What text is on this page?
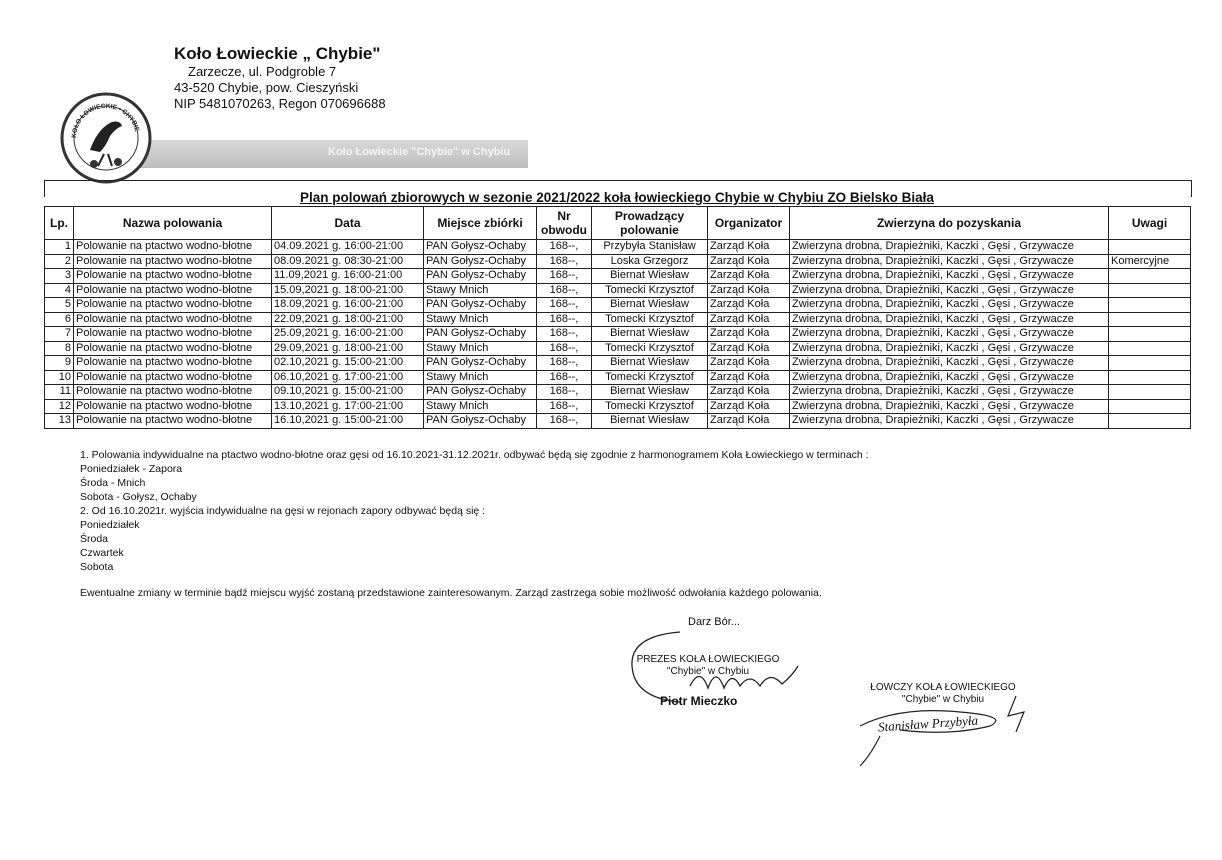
Koło Łowieckie „ Chybie"
Zarzecze, ul. Podgroble 7
43-520 Chybie, pow. Cieszyński
NIP 5481070263, Regon 070696688
Koło Łowieckie "Chybie" w Chybiu
KOŁO ŁOWIECKIE • CHYBIE
Plan polowań zbiorowych w sezonie 2021/2022 koła łowieckiego Chybie w Chybiu ZO Bielsko Biała
Lp.	Nazwa polowania	Data	Miejsce zbiórki	Nr obwodu	Prowadzący polowanie	Organizator	Zwierzyna do pozyskania	Uwagi
1	Polowanie na ptactwo wodno-błotne	04.09.2021 g. 16:00-21:00	PAN Gołysz-Ochaby	168--,	Przybyła Stanisław	Zarząd Koła	Zwierzyna drobna, Drapieżniki, Kaczki , Gęsi , Grzywacze	
2	Polowanie na ptactwo wodno-błotne	08.09.2021 g. 08:30-21:00	PAN Gołysz-Ochaby	168--,	Loska Grzegorz	Zarząd Koła	Zwierzyna drobna, Drapieżniki, Kaczki , Gęsi , Grzywacze	Komercyjne
3	Polowanie na ptactwo wodno-błotne	11.09,2021 g. 16:00-21:00	PAN Gołysz-Ochaby	168--,	Biernat Wiesław	Zarząd Koła	Zwierzyna drobna, Drapieżniki, Kaczki , Gęsi , Grzywacze	
4	Polowanie na ptactwo wodno-błotne	15.09,2021 g. 18:00-21:00	Stawy Mnich	168--,	Tomecki Krzysztof	Zarząd Koła	Zwierzyna drobna, Drapieżniki, Kaczki , Gęsi , Grzywacze	
5	Polowanie na ptactwo wodno-błotne	18.09,2021 g. 16:00-21:00	PAN Gołysz-Ochaby	168--,	Biernat Wiesław	Zarząd Koła	Zwierzyna drobna, Drapieżniki, Kaczki , Gęsi , Grzywacze	
6	Polowanie na ptactwo wodno-błotne	22.09,2021 g. 18:00-21:00	Stawy Mnich	168--,	Tomecki Krzysztof	Zarząd Koła	Zwierzyna drobna, Drapieżniki, Kaczki , Gęsi , Grzywacze	
7	Polowanie na ptactwo wodno-błotne	25.09,2021 g. 16:00-21:00	PAN Gołysz-Ochaby	168--,	Biernat Wiesław	Zarząd Koła	Zwierzyna drobna, Drapieżniki, Kaczki , Gęsi , Grzywacze	
8	Polowanie na ptactwo wodno-błotne	29.09,2021 g. 18:00-21:00	Stawy Mnich	168--,	Tomecki Krzysztof	Zarząd Koła	Zwierzyna drobna, Drapieżniki, Kaczki , Gęsi , Grzywacze	
9	Polowanie na ptactwo wodno-błotne	02.10,2021 g. 15:00-21:00	PAN Gołysz-Ochaby	168--,	Biernat Wiesław	Zarząd Koła	Zwierzyna drobna, Drapieżniki, Kaczki , Gęsi , Grzywacze	
10	Polowanie na ptactwo wodno-błotne	06.10,2021 g. 17:00-21:00	Stawy Mnich	168--,	Tomecki Krzysztof	Zarząd Koła	Zwierzyna drobna, Drapieżniki, Kaczki , Gęsi , Grzywacze	
11	Polowanie na ptactwo wodno-błotne	09.10,2021 g. 15:00-21:00	PAN Gołysz-Ochaby	168--,	Biernat Wiesław	Zarząd Koła	Zwierzyna drobna, Drapieżniki, Kaczki , Gęsi , Grzywacze	
12	Polowanie na ptactwo wodno-błotne	13.10,2021 g. 17:00-21:00	Stawy Mnich	168--,	Tomecki Krzysztof	Zarząd Koła	Zwierzyna drobna, Drapieżniki, Kaczki , Gęsi , Grzywacze	
13	Polowanie na ptactwo wodno-błotne	16.10,2021 g. 15:00-21:00	PAN Gołysz-Ochaby	168--,	Biernat Wiesław	Zarząd Koła	Zwierzyna drobna, Drapieżniki, Kaczki , Gęsi , Grzywacze	
1. Polowania indywidualne na ptactwo wodno-błotne oraz gęsi od 16.10.2021-31.12.2021r. odbywać będą się zgodnie z harmonogramem Koła Łowieckiego w terminach :
Poniedziałek - Zapora
Środa - Mnich
Sobota - Gołysz, Ochaby
2. Od 16.10.2021r. wyjścia indywidualne na gęsi w rejonach zapory odbywać będą się :
Poniedziałek
Środa
Czwartek
Sobota
Ewentualne zmiany w terminie bądź miejscu wyjść zostaną przedstawione zainteresowanym. Zarząd zastrzega sobie możliwość odwołania każdego polowania.
Darz Bór...
PREZES KOŁA ŁOWIECKIEGO
"Chybie" w Chybiu
Piotr Mieczko
ŁOWCZY KOŁA ŁOWIECKIEGO
"Chybie" w Chybiu
Stanisław Przybyła
